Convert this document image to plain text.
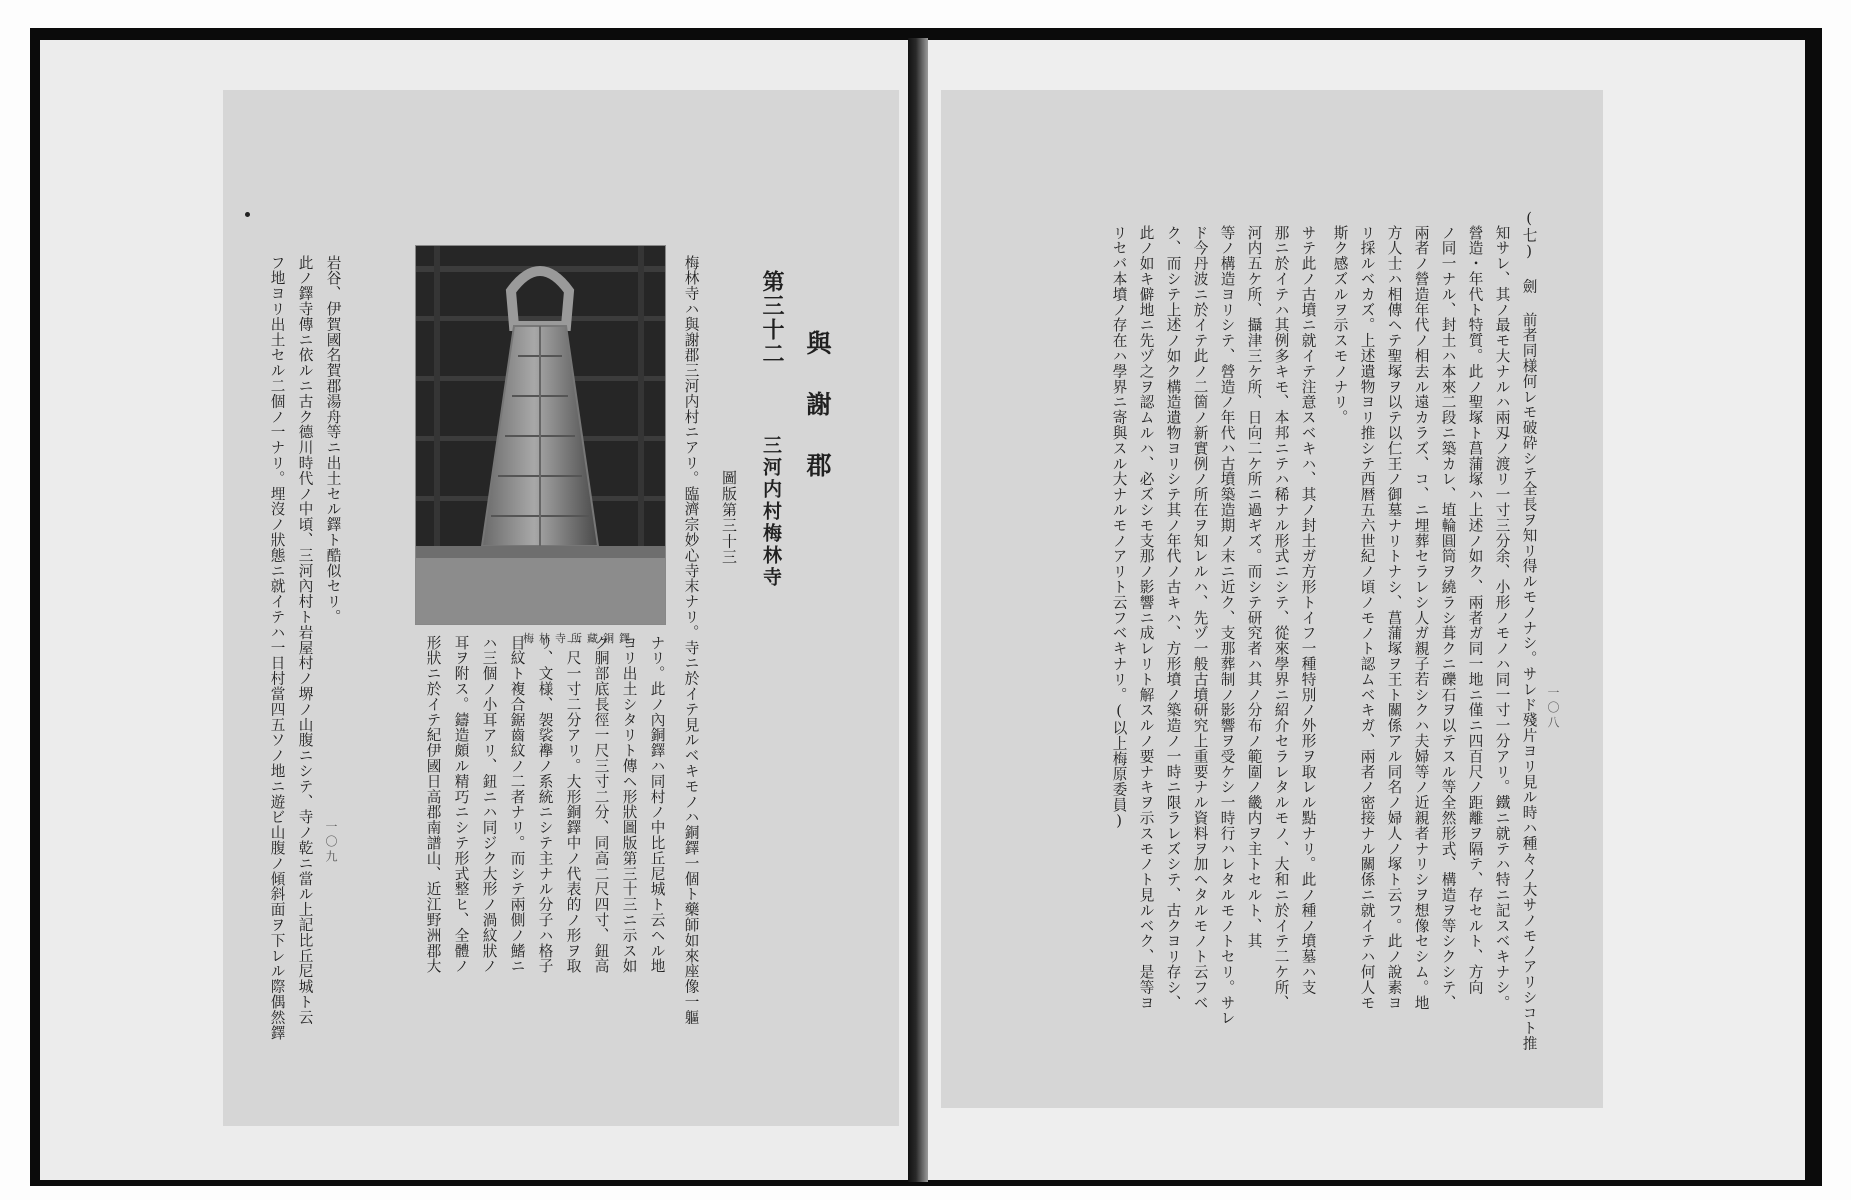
與謝郡
第三十二
三河内村梅林寺
圖版第三十三
梅林寺ハ與謝郡三河内村ニアリ。臨濟宗妙心寺末ナリ。寺ニ於イテ見ルベキモノハ銅鐸一個ト藥師如來座像一軀
ナリ。此ノ內銅鐸ハ同村ノ中比丘尼城ト云ヘル地
ヨリ出土シタリト傳ヘ形狀圖版第三十三ニ示ス如
ク胴部底長徑一尺三寸二分、同高二尺四寸、鈕高
一尺一寸二分アリ。大形銅鐸中ノ代表的ノ形ヲ取
リ、文様、袈裟襷ノ系統ニシテ主ナル分子ハ格子
目紋ト複合鋸齒紋ノ二者ナリ。而シテ兩側ノ鰭ニ
ハ三個ノ小耳アリ、鈕ニハ同ジク大形ノ渦紋狀ノ
耳ヲ附ス。鑄造頗ル精巧ニシテ形式整ヒ、全體ノ
形狀ニ於イテ紀伊國日高郡南譜山、近江野洲郡大
岩谷、伊賀國名賀郡湯舟等ニ出土セル鐸ト酷似セリ。
此ノ鐸寺傳ニ依ルニ古ク德川時代ノ中頃、三河內村ト岩屋村ノ堺ノ山腹ニシテ、寺ノ乾ニ當ル上記比丘尼城ト云
フ地ヨリ出土セル二個ノ一ナリ。埋沒ノ狀態ニ就イテハ一日村當四五ソノ地ニ遊ビ山腹ノ傾斜面ヲ下レル際偶然鐸	一〇九
梅林寺所藏銅鐸
一〇八
(七) 劍 前者同様何レモ破砕シテ全長ヲ知リ得ルモノナシ。サレド殘片ヨリ見ル時ハ種々ノ大サノモノアリシコト推
知サレ、其ノ最モ大ナルハ兩刄ノ渡リ一寸三分余、小形ノモノハ同一寸一分アリ。鐵ニ就テハ特ニ記スベキナシ。
營造・年代ト特質。此ノ聖塚ト菖蒲塚ハ上述ノ如ク、兩者ガ同一地ニ僅ニ四百尺ノ距離ヲ隔テ、存セルト、方向
ノ同一ナル、封土ハ本來二段ニ築カレ、埴輪圓筒ヲ繞ラシ葺クニ礫石ヲ以テスル等全然形式、構造ヲ等シクシテ、
兩者ノ營造年代ノ相去ル遠カラズ、コ、ニ埋葬セラレシ人ガ親子若シクハ夫婦等ノ近親者ナリシヲ想像セシム。地
方人士ハ相傳ヘテ聖塚ヲ以テ以仁王ノ御墓ナリトナシ、菖蒲塚ヲ王ト關係アル同名ノ婦人ノ塚ト云フ。此ノ說素ヨ
リ採ルベカズ。上述遺物ヨリ推シテ西暦五六世紀ノ頃ノモノト認ムベキガ、兩者ノ密接ナル關係ニ就イテハ何人モ
斯ク感ズルヲ示スモノナリ。
サテ此ノ古墳ニ就イテ注意スベキハ、其ノ封土ガ方形トイフ一種特別ノ外形ヲ取レル點ナリ。此ノ種ノ墳墓ハ支
那ニ於イテハ其例多キモ、本邦ニテハ稀ナル形式ニシテ、從來學界ニ紹介セラレタルモノ、大和ニ於イテ二ケ所、
河内五ケ所、攝津三ケ所、日向二ケ所ニ過ギズ。而シテ研究者ハ其ノ分布ノ範圍ノ畿内ヲ主トセルト、其
等ノ構造ヨリシテ、營造ノ年代ハ古墳築造期ノ末ニ近ク、支那葬制ノ影響ヲ受ケシ一時行ハレタルモノトセリ。サレ
ド今丹波ニ於イテ此ノ二箇ノ新實例ノ所在ヲ知レルハ、先ヅ一般古墳研究上重要ナル資料ヲ加ヘタルモノト云フベ
ク、而シテ上述ノ如ク構造遺物ヨリシテ其ノ年代ノ古キハ、方形墳ノ築造ノ一時ニ限ラレズシテ、古クヨリ存シ、
此ノ如キ僻地ニ先ヅ之ヲ認ムルハ、必ズシモ支那ノ影響ニ成レリト解スルノ要ナキヲ示スモノト見ルベク、是等ヨ
リセバ本墳ノ存在ハ學界ニ寄與スル大ナルモノアリト云フベキナリ。(以上梅原委員)
